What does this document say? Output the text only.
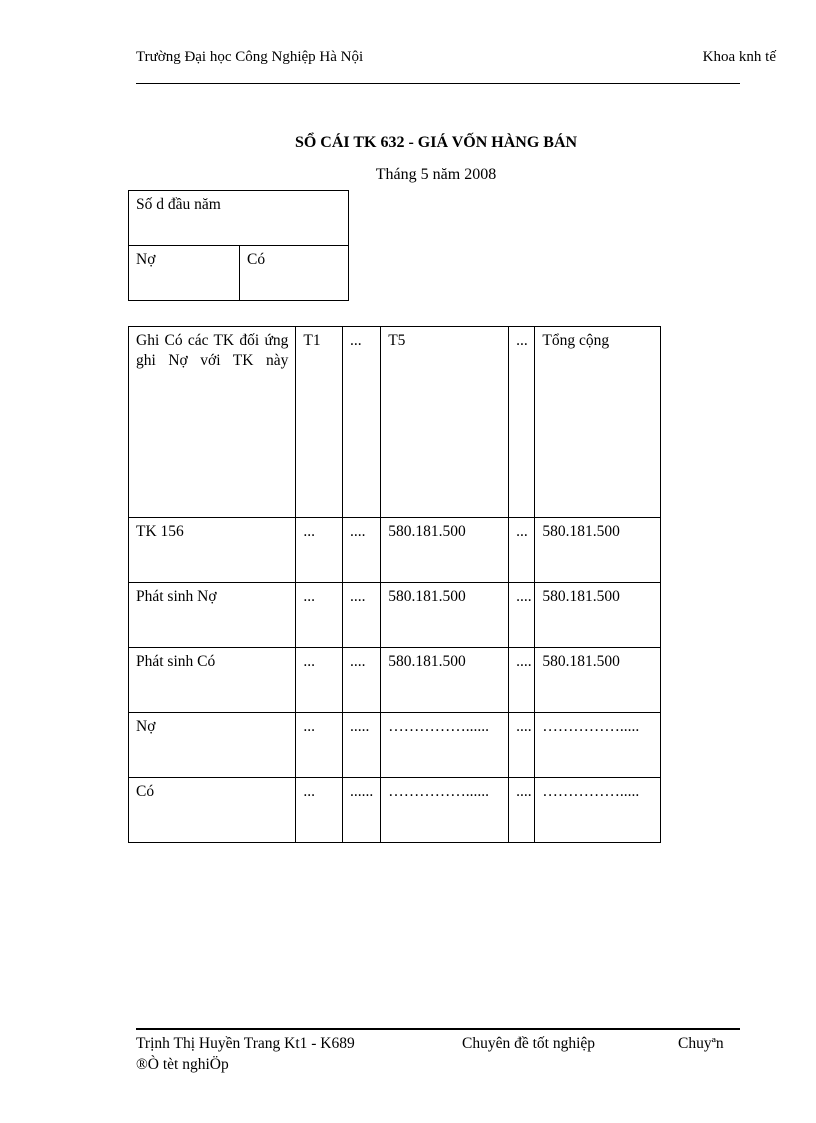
Trường Đại học Công Nghiệp Hà Nội	Khoa knh tế
SỔ CÁI TK 632 - GIÁ VỐN HÀNG BÁN
Tháng 5 năm 2008
Số d đầu năm
Nợ	Có
Ghi Có các TK đối ứng ghi Nợ với TK này	T1	...	T5	...	Tổng cộng
TK 156	...	....	580.181.500	...	580.181.500
Phát sinh Nợ	...	....	580.181.500	....	580.181.500
Phát sinh Có	...	....	580.181.500	....	580.181.500
Nợ	...	.....	……………......	....	…………….....
Có	...	......	……………......	....	…………….....
Trịnh Thị Huyền Trang Kt1 - K689	Chuyên đề tốt nghiệp	Chuyªn
®Ò tèt nghiÖp
